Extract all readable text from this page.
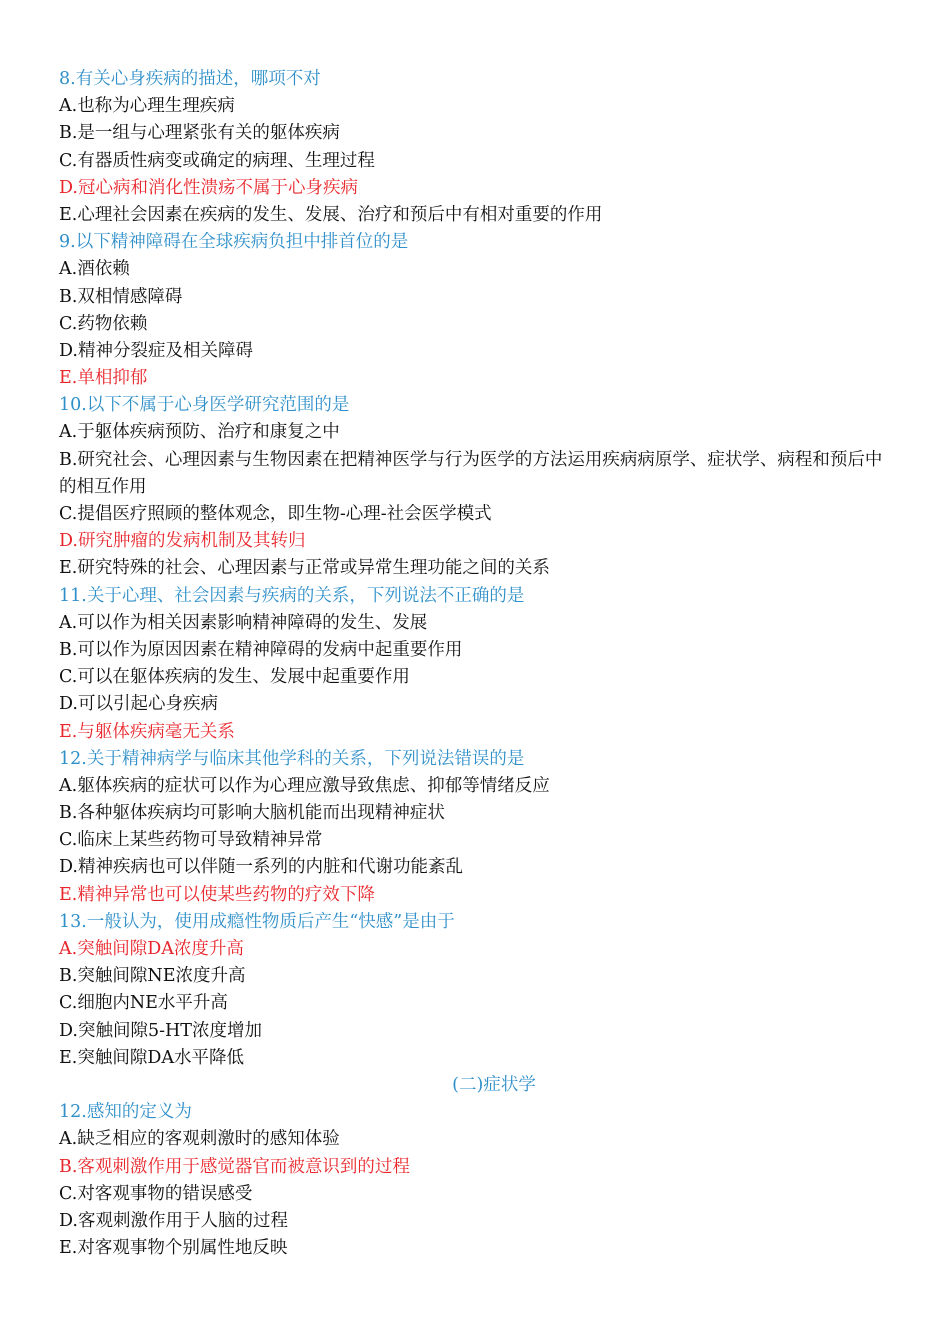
8.有关心身疾病的描述，哪项不对
A.也称为心理生理疾病
B.是一组与心理紧张有关的躯体疾病
C.有器质性病变或确定的病理、生理过程
D.冠心病和消化性溃疡不属于心身疾病
E.心理社会因素在疾病的发生、发展、治疗和预后中有相对重要的作用
9.以下精神障碍在全球疾病负担中排首位的是
A.酒依赖
B.双相情感障碍
C.药物依赖
D.精神分裂症及相关障碍
E.单相抑郁
10.以下不属于心身医学研究范围的是
A.于躯体疾病预防、治疗和康复之中
B.研究社会、心理因素与生物因素在把精神医学与行为医学的方法运用疾病病原学、症状学、病程和预后中的相互作用
C.提倡医疗照顾的整体观念，即生物-心理-社会医学模式
D.研究肿瘤的发病机制及其转归
E.研究特殊的社会、心理因素与正常或异常生理功能之间的关系
11.关于心理、社会因素与疾病的关系，下列说法不正确的是
A.可以作为相关因素影响精神障碍的发生、发展
B.可以作为原因因素在精神障碍的发病中起重要作用
C.可以在躯体疾病的发生、发展中起重要作用
D.可以引起心身疾病
E.与躯体疾病毫无关系
12.关于精神病学与临床其他学科的关系，下列说法错误的是
A.躯体疾病的症状可以作为心理应激导致焦虑、抑郁等情绪反应
B.各种躯体疾病均可影响大脑机能而出现精神症状
C.临床上某些药物可导致精神异常
D.精神疾病也可以伴随一系列的内脏和代谢功能紊乱
E.精神异常也可以使某些药物的疗效下降
13.一般认为，使用成瘾性物质后产生“快感”是由于
A.突触间隙DA浓度升高
B.突触间隙NE浓度升高
C.细胞内NE水平升高
D.突触间隙5-HT浓度增加
E.突触间隙DA水平降低
(二)症状学
12.感知的定义为
A.缺乏相应的客观刺激时的感知体验
B.客观刺激作用于感觉器官而被意识到的过程
C.对客观事物的错误感受
D.客观刺激作用于人脑的过程
E.对客观事物个别属性地反映
